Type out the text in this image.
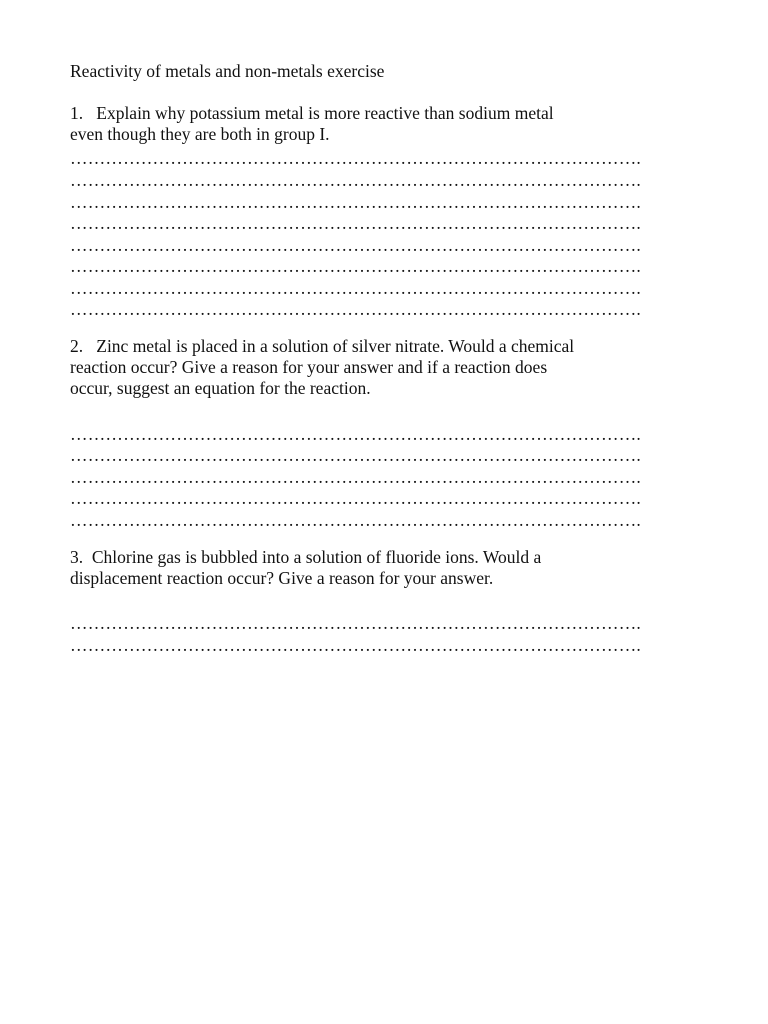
Reactivity of metals and non-metals exercise

1. Explain why potassium metal is more reactive than sodium metal

even though they are both in group I.

…………………………………………………………………………………….
…………………………………………………………………………………….
…………………………………………………………………………………….
…………………………………………………………………………………….
…………………………………………………………………………………….
…………………………………………………………………………………….
…………………………………………………………………………………….
…………………………………………………………………………………….

2. Zinc metal is placed in a solution of silver nitrate. Would a chemical

reaction occur? Give a reason for your answer and if a reaction does

occur, suggest an equation for the reaction.

…………………………………………………………………………………….
…………………………………………………………………………………….
…………………………………………………………………………………….
…………………………………………………………………………………….
…………………………………………………………………………………….

3. Chlorine gas is bubbled into a solution of fluoride ions. Would a

displacement reaction occur? Give a reason for your answer.

…………………………………………………………………………………….
…………………………………………………………………………………….
